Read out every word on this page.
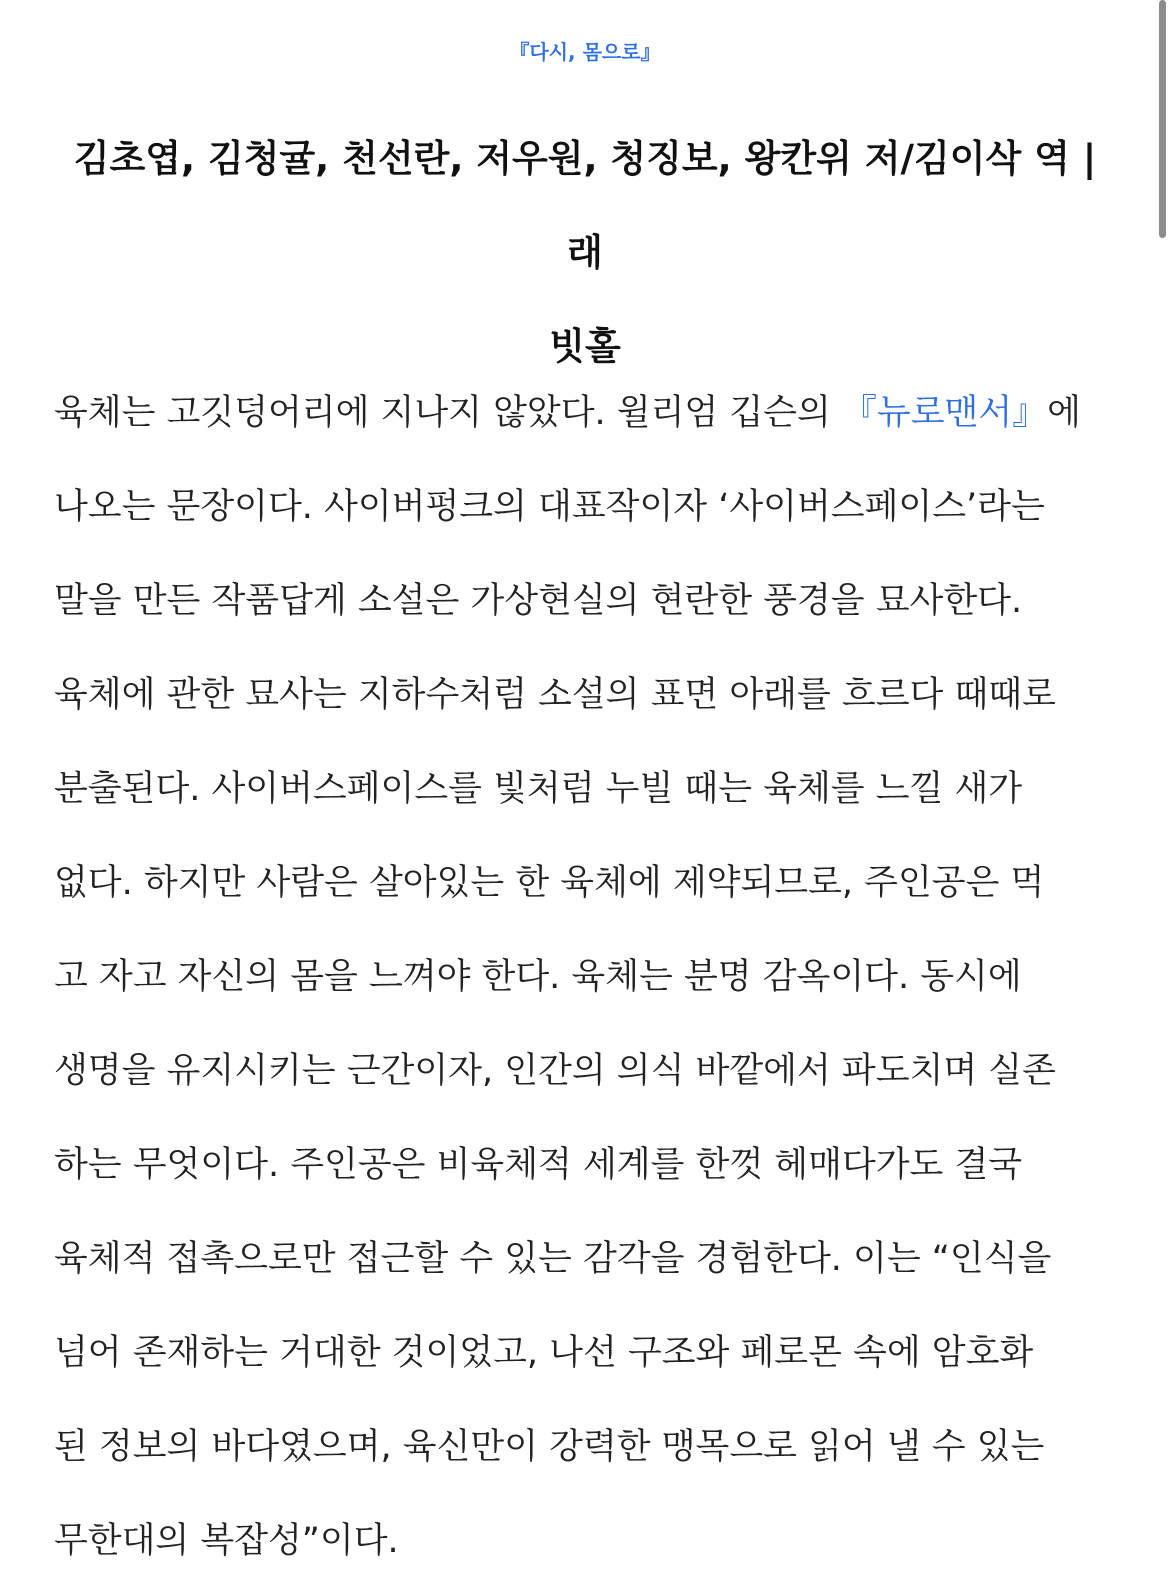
『다시, 몸으로』
김초엽, 김청귤, 천선란, 저우원, 청징보, 왕칸위 저/김이삭 역 | 래
빗홀

육체는 고깃덩어리에 지나지 않았다. 윌리엄 깁슨의 『뉴로맨서』에
나오는 문장이다. 사이버펑크의 대표작이자 ‘사이버스페이스’라는
말을 만든 작품답게 소설은 가상현실의 현란한 풍경을 묘사한다.
육체에 관한 묘사는 지하수처럼 소설의 표면 아래를 흐르다 때때로
분출된다. 사이버스페이스를 빛처럼 누빌 때는 육체를 느낄 새가
없다. 하지만 사람은 살아있는 한 육체에 제약되므로, 주인공은 먹
고 자고 자신의 몸을 느껴야 한다. 육체는 분명 감옥이다. 동시에
생명을 유지시키는 근간이자, 인간의 의식 바깥에서 파도치며 실존
하는 무엇이다. 주인공은 비육체적 세계를 한껏 헤매다가도 결국
육체적 접촉으로만 접근할 수 있는 감각을 경험한다. 이는 “인식을
넘어 존재하는 거대한 것이었고, 나선 구조와 페로몬 속에 암호화
된 정보의 바다였으며, 육신만이 강력한 맹목으로 읽어 낼 수 있는
무한대의 복잡성”이다.
